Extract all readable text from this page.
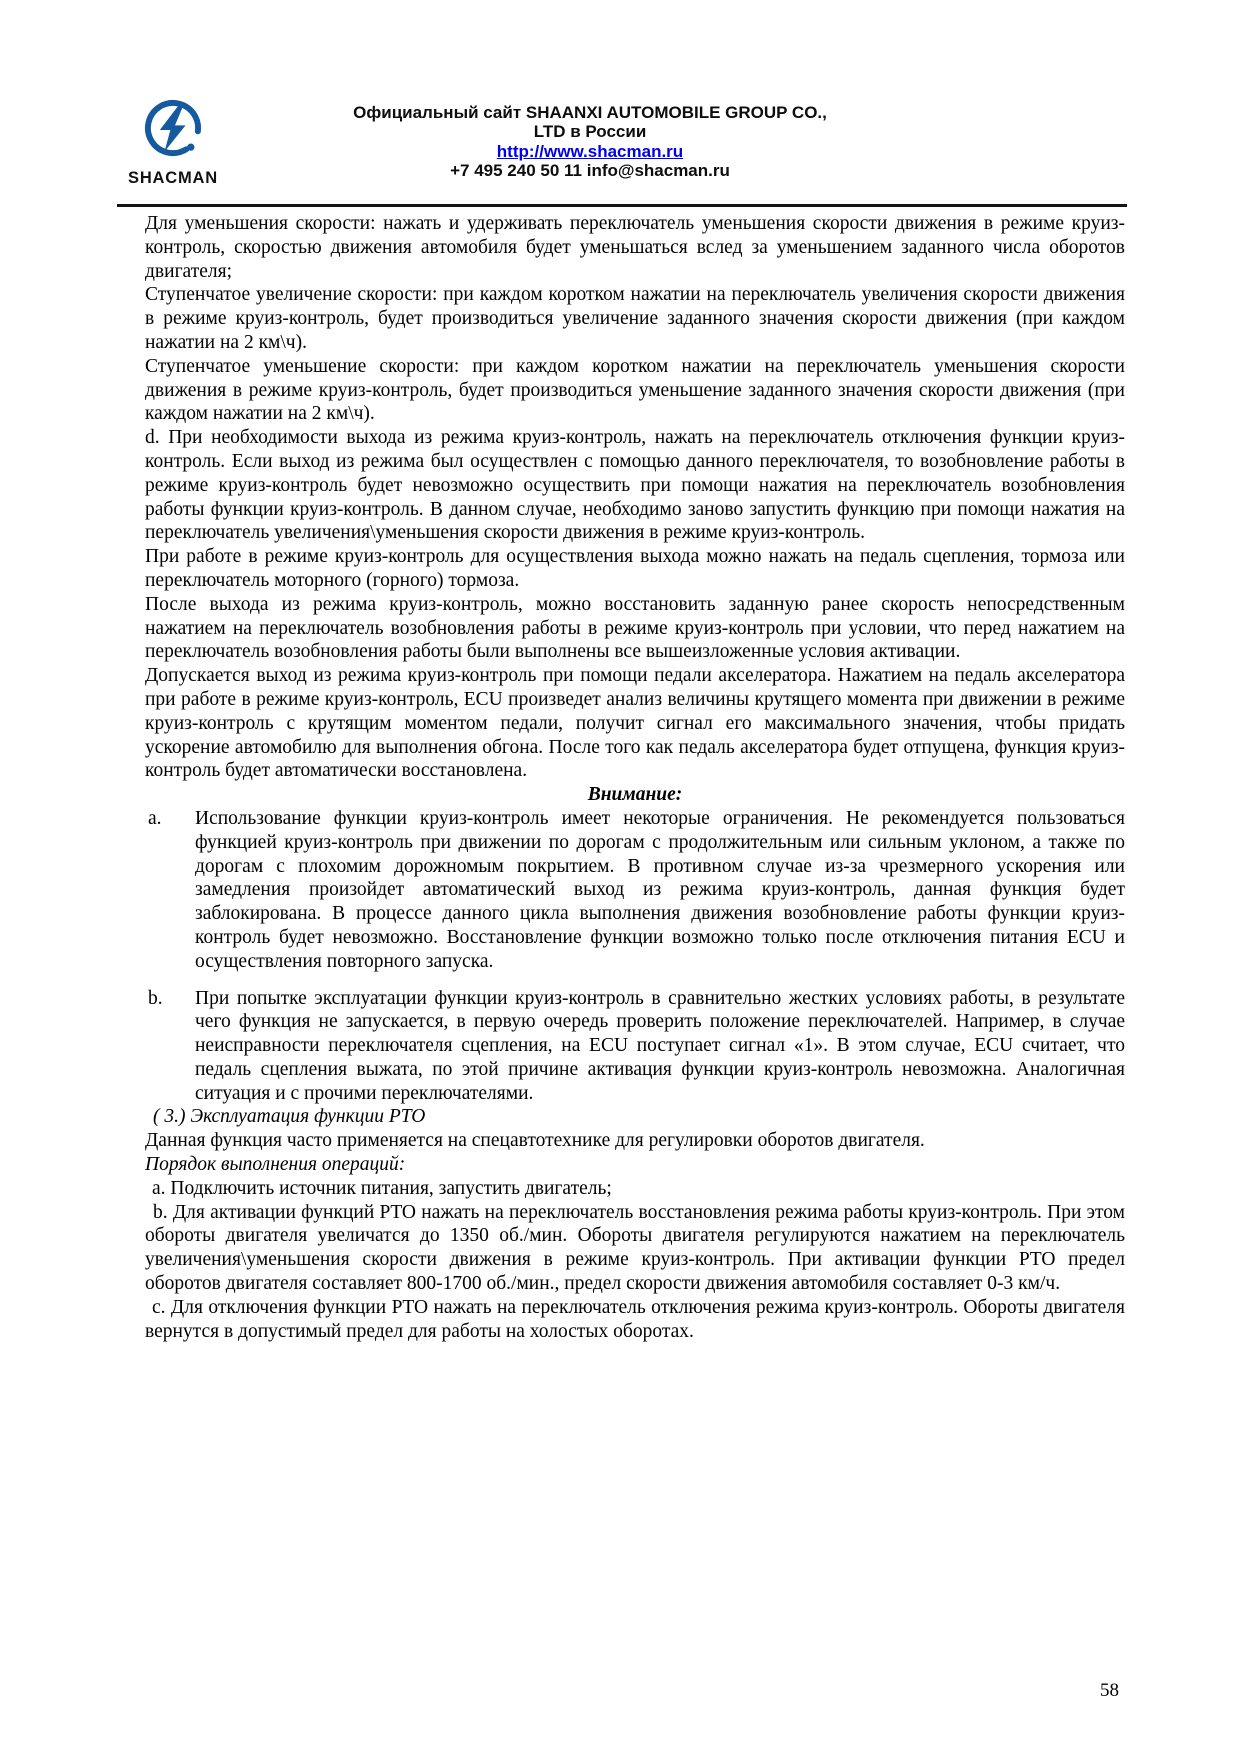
SHACMAN
Официальный сайт SHAANXI AUTOMOBILE GROUP CO.,
LTD в России
http://www.shacman.ru
+7 495 240 50 11 info@shacman.ru

Для уменьшения скорости: нажать и удерживать переключатель уменьшения скорости движения в режиме круиз-контроль, скоростью движения автомобиля будет уменьшаться вслед за уменьшением заданного числа оборотов двигателя;

Ступенчатое увеличение скорости: при каждом коротком нажатии на переключатель увеличения скорости движения в режиме круиз-контроль, будет производиться увеличение заданного значения скорости движения (при каждом нажатии на 2 км\ч).

Ступенчатое уменьшение скорости: при каждом коротком нажатии на переключатель уменьшения скорости движения в режиме круиз-контроль, будет производиться уменьшение заданного значения скорости движения (при каждом нажатии на 2 км\ч).

d. При необходимости выхода из режима круиз-контроль, нажать на переключатель отключения функции круиз-контроль. Если выход из режима был осуществлен с помощью данного переключателя, то возобновление работы в режиме круиз-контроль будет невозможно осуществить при помощи нажатия на переключатель возобновления работы функции круиз-контроль. В данном случае, необходимо заново запустить функцию при помощи нажатия на переключатель увеличения\уменьшения скорости движения в режиме круиз-контроль.

При работе в режиме круиз-контроль для осуществления выхода можно нажать на педаль сцепления, тормоза или переключатель моторного (горного) тормоза.

После выхода из режима круиз-контроль, можно восстановить заданную ранее скорость непосредственным нажатием на переключатель возобновления работы в режиме круиз-контроль при условии, что перед нажатием на переключатель возобновления работы были выполнены все вышеизложенные условия активации.

Допускается выход из режима круиз-контроль при помощи педали акселератора. Нажатием на педаль акселератора при работе в режиме круиз-контроль, ECU произведет анализ величины крутящего момента при движении в режиме круиз-контроль с крутящим моментом педали, получит сигнал его максимального значения, чтобы придать ускорение автомобилю для выполнения обгона. После того как педаль акселератора будет отпущена, функция круиз-контроль будет автоматически восстановлена.

Внимание:

a.	Использование функции круиз-контроль имеет некоторые ограничения. Не рекомендуется пользоваться функцией круиз-контроль при движении по дорогам с продолжительным или сильным уклоном, а также по дорогам с плохомим дорожномым покрытием. В противном случае из-за чрезмерного ускорения или замедления произойдет автоматический выход из режима круиз-контроль, данная функция будет заблокирована. В процессе данного цикла выполнения движения возобновление работы функции круиз-контроль будет невозможно. Восстановление функции возможно только после отключения питания ECU и осуществления повторного запуска.
b.	При попытке эксплуатации функции круиз-контроль в сравнительно жестких условиях работы, в результате чего функция не запускается, в первую очередь проверить положение переключателей. Например, в случае неисправности переключателя сцепления, на ECU поступает сигнал «1». В этом случае, ECU считает, что педаль сцепления выжата, по этой причине активация функции круиз-контроль невозможна. Аналогичная ситуация и с прочими переключателями.

( 3.) Эксплуатация функции PTO

Данная функция часто применяется на спецавтотехнике для регулировки оборотов двигателя.

Порядок выполнения операций:

a. Подключить источник питания, запустить двигатель;

b. Для активации функций PTO нажать на переключатель восстановления режима работы круиз-контроль. При этом обороты двигателя увеличатся до 1350 об./мин. Обороты двигателя регулируются нажатием на переключатель увеличения\уменьшения скорости движения в режиме круиз-контроль. При активации функции PTO предел оборотов двигателя составляет 800-1700 об./мин., предел скорости движения автомобиля составляет 0-3 км/ч.

c. Для отключения функции PTO нажать на переключатель отключения режима круиз-контроль. Обороты двигателя вернутся в допустимый предел для работы на холостых оборотах.

58
